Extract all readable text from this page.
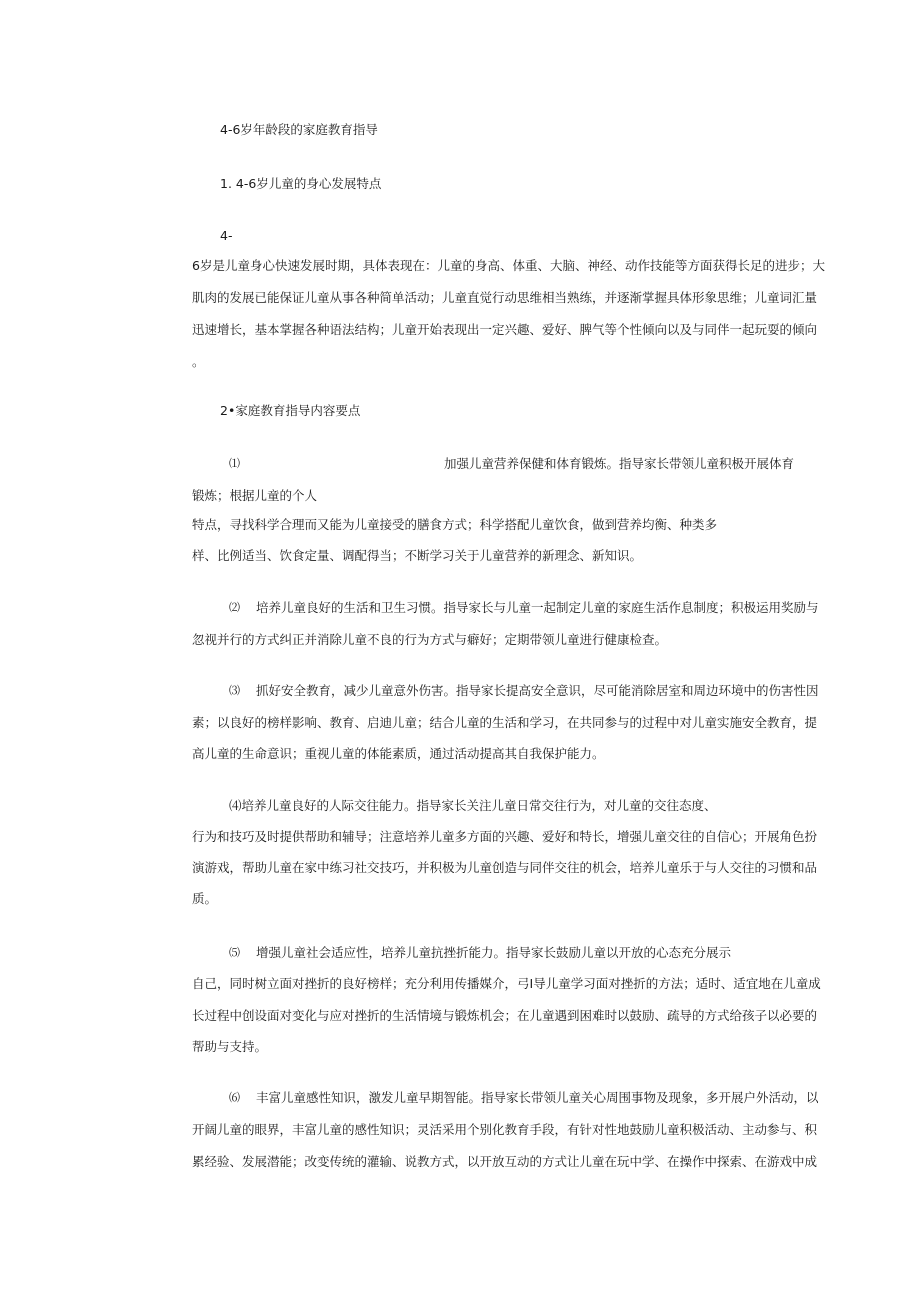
4-6岁年龄段的家庭教育指导
1. 4-6岁儿童的身心发展特点
4-
6岁是儿童身心快速发展时期，具体表现在：儿童的身高、体重、大脑、神经、动作技能等方面获得长足的进步；大
肌肉的发展已能保证儿童从事各种简单活动；儿童直觉行动思维相当熟练，并逐渐掌握具体形象思维；儿童词汇量
迅速增长，基本掌握各种语法结构；儿童开始表现出一定兴趣、爱好、脾气等个性倾向以及与同伴一起玩耍的倾向
。
2•家庭教育指导内容要点
⑴	加强儿童营养保健和体育锻炼。指导家长带领儿童积极开展体育
锻炼；根据儿童的个人
特点，寻找科学合理而又能为儿童接受的膳食方式；科学搭配儿童饮食，做到营养均衡、种类多
样、比例适当、饮食定量、调配得当；不断学习关于儿童营养的新理念、新知识。
⑵ 培养儿童良好的生活和卫生习惯。指导家长与儿童一起制定儿童的家庭生活作息制度；积极运用奖励与
忽视并行的方式纠正并消除儿童不良的行为方式与癖好；定期带领儿童进行健康检查。
⑶ 抓好安全教育，减少儿童意外伤害。指导家长提高安全意识，尽可能消除居室和周边环境中的伤害性因
素；以良好的榜样影响、教育、启迪儿童；结合儿童的生活和学习，在共同参与的过程中对儿童实施安全教育，提
高儿童的生命意识；重视儿童的体能素质，通过活动提高其自我保护能力。
⑷培养儿童良好的人际交往能力。指导家长关注儿童日常交往行为，对儿童的交往态度、
行为和技巧及时提供帮助和辅导；注意培养儿童多方面的兴趣、爱好和特长，增强儿童交往的自信心；开展角色扮
演游戏，帮助儿童在家中练习社交技巧，并积极为儿童创造与同伴交往的机会，培养儿童乐于与人交往的习惯和品
质。
⑸ 增强儿童社会适应性，培养儿童抗挫折能力。指导家长鼓励儿童以开放的心态充分展示
自己，同时树立面对挫折的良好榜样；充分利用传播媒介，弓I导儿童学习面对挫折的方法；适时、适宜地在儿童成
长过程中创设面对变化与应对挫折的生活情境与锻炼机会；在儿童遇到困难时以鼓励、疏导的方式给孩子以必要的
帮助与支持。
⑹ 丰富儿童感性知识，激发儿童早期智能。指导家长带领儿童关心周围事物及现象，多开展户外活动，以
开阔儿童的眼界，丰富儿童的感性知识；灵活采用个别化教育手段，有针对性地鼓励儿童积极活动、主动参与、积
累经验、发展潜能；改变传统的灌输、说教方式，以开放互动的方式让儿童在玩中学、在操作中探索、在游戏中成
